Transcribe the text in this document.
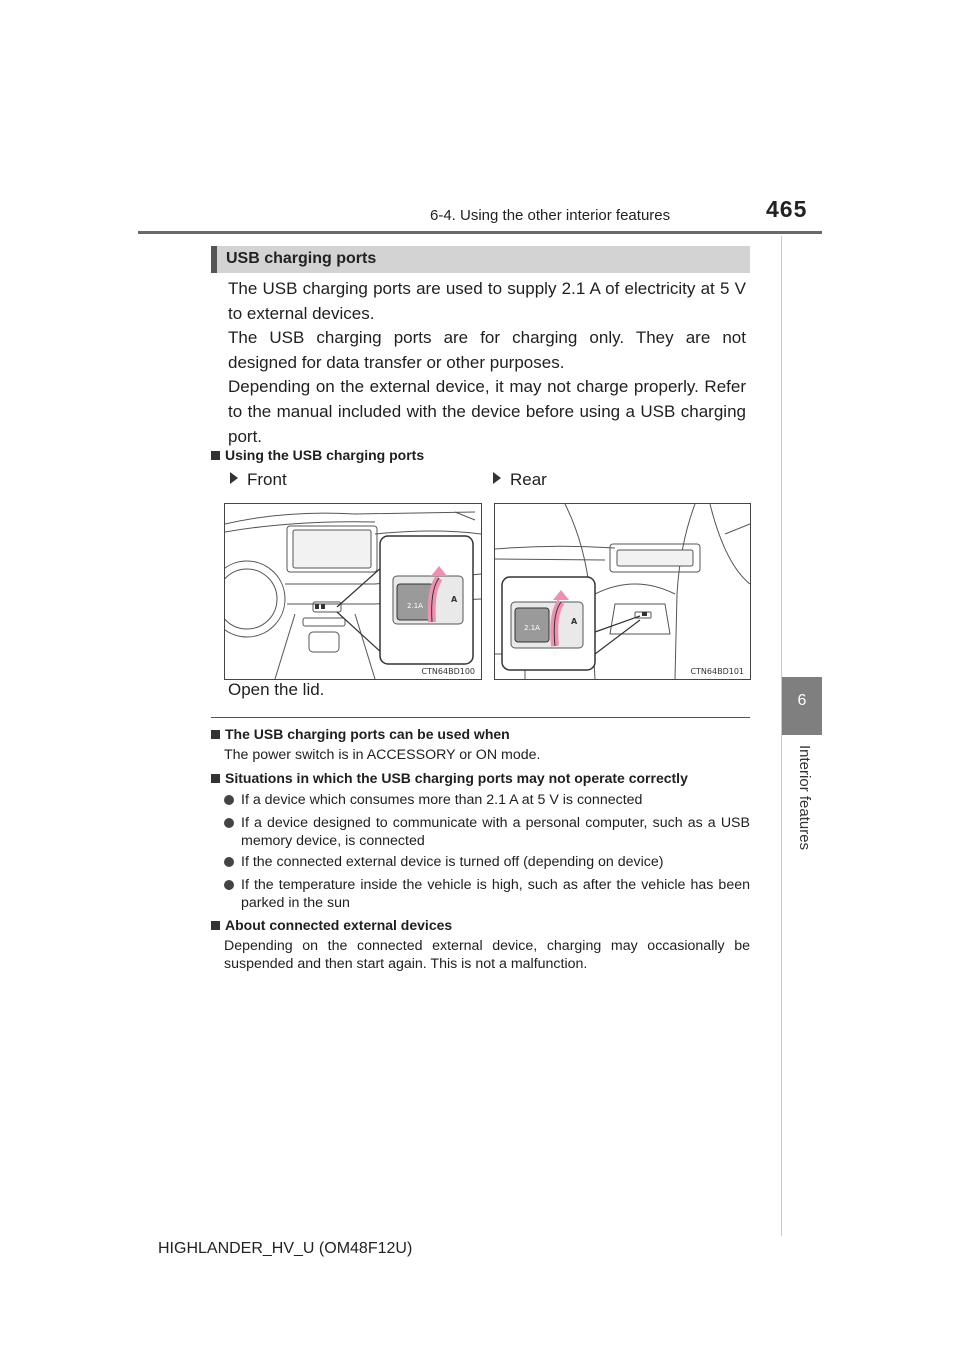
6-4. Using the other interior features	465
6
Interior features
USB charging ports
The USB charging ports are used to supply 2.1 A of electricity at 5 V to external devices.
The USB charging ports are for charging only. They are not designed for data transfer or other purposes.
Depending on the external device, it may not charge properly. Refer to the manual included with the device before using a USB charging port.
Using the USB charging ports
Front	Rear
2.1A
A
CTN64BD100
2.1A
A
CTN64BD101
Open the lid.
The USB charging ports can be used when
The power switch is in ACCESSORY or ON mode.
Situations in which the USB charging ports may not operate correctly
If a device which consumes more than 2.1 A at 5 V is connected
If a device designed to communicate with a personal computer, such as a USB memory device, is connected
If the connected external device is turned off (depending on device)
If the temperature inside the vehicle is high, such as after the vehicle has been parked in the sun
About connected external devices
Depending on the connected external device, charging may occasionally be suspended and then start again. This is not a malfunction.
HIGHLANDER_HV_U (OM48F12U)
